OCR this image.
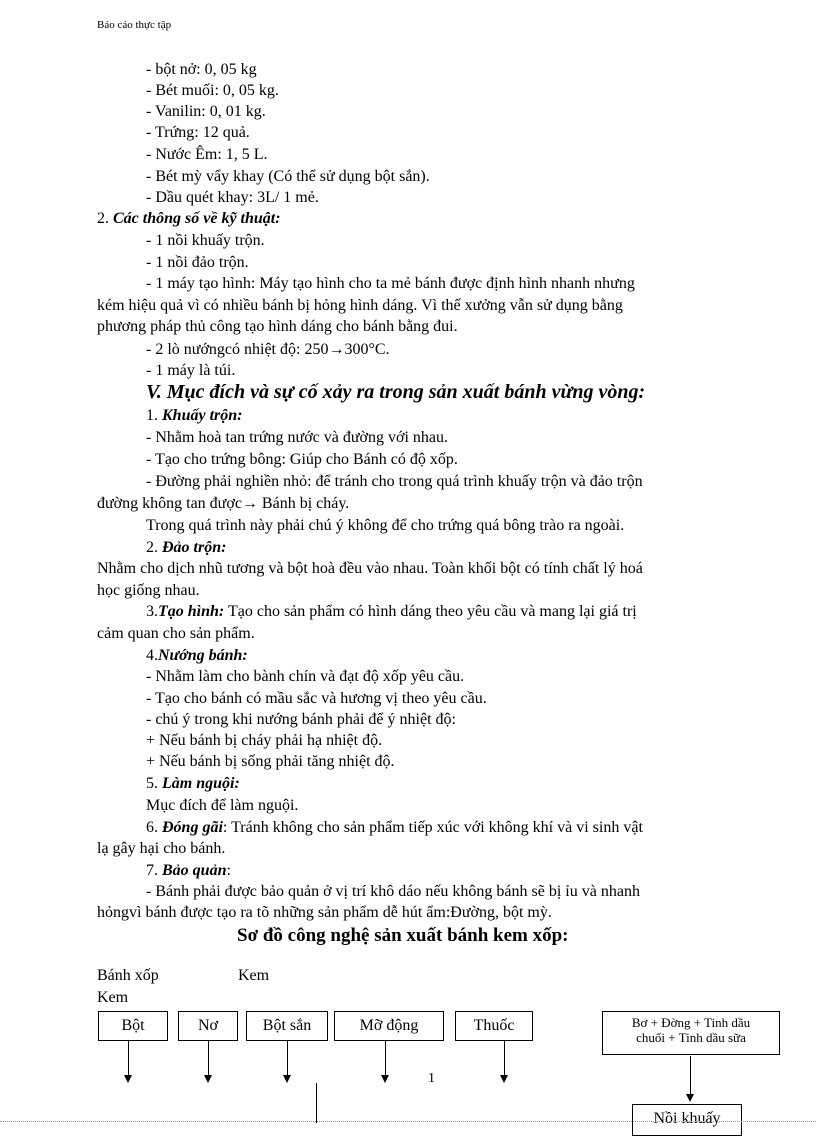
Báo cáo thực tập
- bột nở: 0, 05 kg
- Bét muối: 0, 05 kg.
- Vanilin: 0, 01 kg.
- Trứng: 12 quả.
- Nước Êm: 1, 5 L.
- Bét mỳ vẩy khay (Có thể sử dụng bột sắn).
- Dầu quét khay: 3L/ 1 mẻ.
2. Các thông số về kỹ thuật:
- 1 nồi khuấy trộn.
- 1 nồi đảo trộn.
- 1 máy tạo hình: Máy tạo hình cho ta mẻ bánh được định hình nhanh nhưng
kém hiệu quả vì có nhiều bánh bị hỏng hình dáng. Vì thế xưởng vẫn sử dụng bằng
phương pháp thủ công tạo hình dáng cho bánh bằng đui.
- 2 lò nướngcó nhiệt độ: 250→300°C.
- 1 máy là túi.
V. Mục đích và sự cố xảy ra trong sản xuất bánh vừng vòng:
1. Khuấy trộn:
- Nhằm hoà tan trứng nước và đường với nhau.
- Tạo cho trứng bông: Giúp cho Bánh có độ xốp.
- Đường phải nghiền nhỏ: để tránh cho trong quá trình khuấy trộn và đảo trộn
đường không tan được→ Bánh bị cháy.
Trong quá trình này phải chú ý không để cho trứng quá bông trào ra ngoài.
2. Đảo trộn:
Nhằm cho dịch nhũ tương và bột hoà đều vào nhau. Toàn khối bột có tính chất lý hoá
học giống nhau.
3.Tạo hình: Tạo cho sản phẩm có hình dáng theo yêu cầu và mang lại giá trị
cảm quan cho sản phẩm.
4.Nướng bánh:
- Nhằm làm cho bành chín và đạt độ xốp yêu cầu.
- Tạo cho bánh có mầu sắc và hương vị theo yêu cầu.
- chú ý trong khi nướng bánh phải để ý nhiệt độ:
+ Nếu bánh bị cháy phải hạ nhiệt độ.
+ Nếu bánh bị sống phải tăng nhiệt độ.
5. Làm nguội:
Mục đích để làm nguội.
6. Đóng gãi: Tránh không cho sản phẩm tiếp xúc với không khí và vi sinh vật
lạ gây hại cho bánh.
7. Bảo quản:
- Bánh phải được bảo quản ở vị trí khô dáo nếu không bánh sẽ bị ỉu và nhanh
hỏngvì bánh được tạo ra tõ những sản phẩm dễ hút ẩm:Đường, bột mỳ.
Sơ đồ công nghệ sản xuất bánh kem xốp:
Bánh xốp	Kem
Kem
Bột	Nơ	Bột sắn	Mỡ động	Thuốc	Bơ + Đờng + Tinh dầu
chuối + Tinh dầu sữa
Nồi khuấy
1
